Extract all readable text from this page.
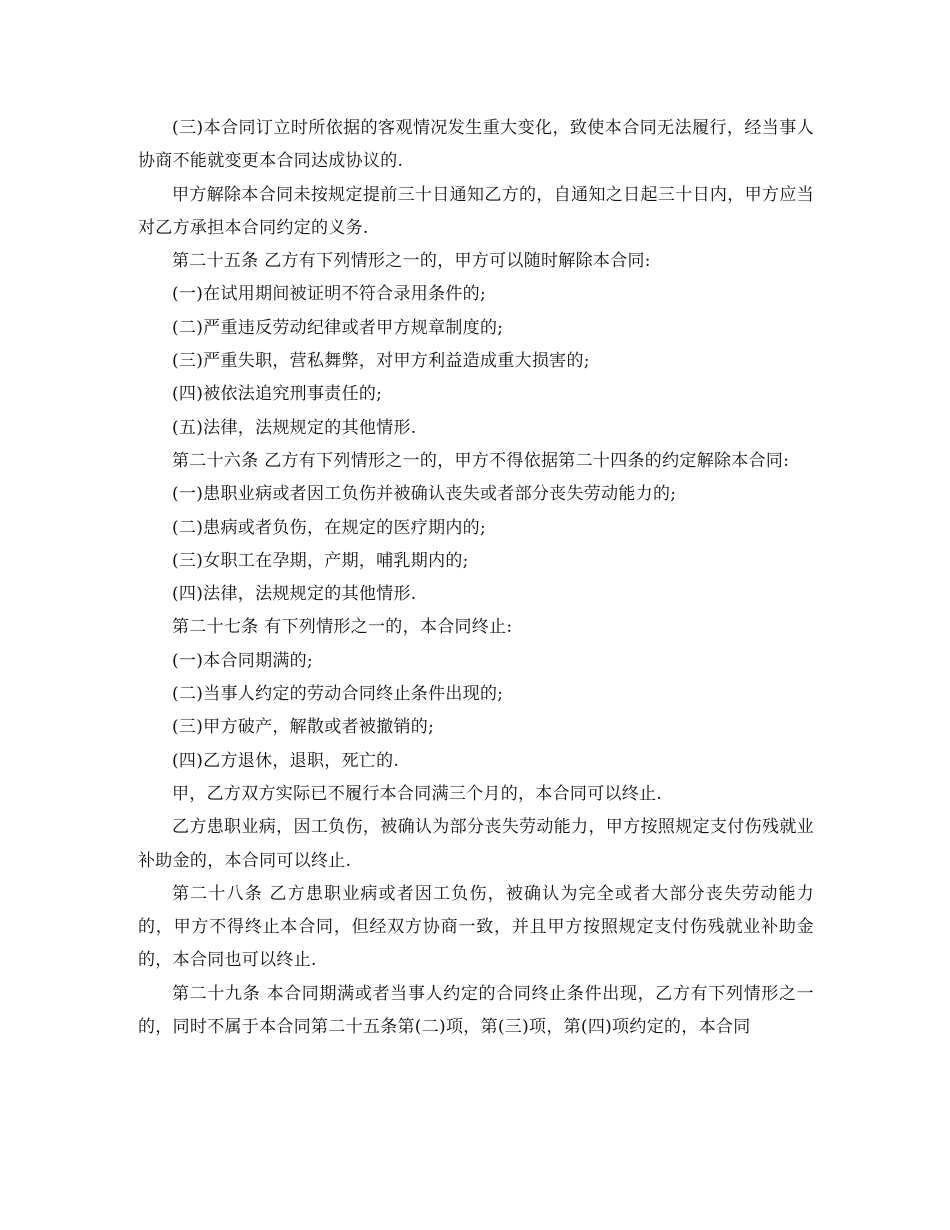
(三)本合同订立时所依据的客观情况发生重大变化，致使本合同无法履行，经当事人协商不能就变更本合同达成协议的.

甲方解除本合同未按规定提前三十日通知乙方的，自通知之日起三十日内，甲方应当对乙方承担本合同约定的义务.

第二十五条 乙方有下列情形之一的，甲方可以随时解除本合同:

(一)在试用期间被证明不符合录用条件的;

(二)严重违反劳动纪律或者甲方规章制度的;

(三)严重失职，营私舞弊，对甲方利益造成重大损害的;

(四)被依法追究刑事责任的;

(五)法律，法规规定的其他情形.

第二十六条 乙方有下列情形之一的，甲方不得依据第二十四条的约定解除本合同:

(一)患职业病或者因工负伤并被确认丧失或者部分丧失劳动能力的;

(二)患病或者负伤，在规定的医疗期内的;

(三)女职工在孕期，产期，哺乳期内的;

(四)法律，法规规定的其他情形.

第二十七条 有下列情形之一的，本合同终止:

(一)本合同期满的;

(二)当事人约定的劳动合同终止条件出现的;

(三)甲方破产，解散或者被撤销的;

(四)乙方退休，退职，死亡的.

甲，乙方双方实际已不履行本合同满三个月的，本合同可以终止.

乙方患职业病，因工负伤，被确认为部分丧失劳动能力，甲方按照规定支付伤残就业补助金的，本合同可以终止.

第二十八条 乙方患职业病或者因工负伤，被确认为完全或者大部分丧失劳动能力的，甲方不得终止本合同，但经双方协商一致，并且甲方按照规定支付伤残就业补助金的，本合同也可以终止.

第二十九条 本合同期满或者当事人约定的合同终止条件出现，乙方有下列情形之一的，同时不属于本合同第二十五条第(二)项，第(三)项，第(四)项约定的，本合同
